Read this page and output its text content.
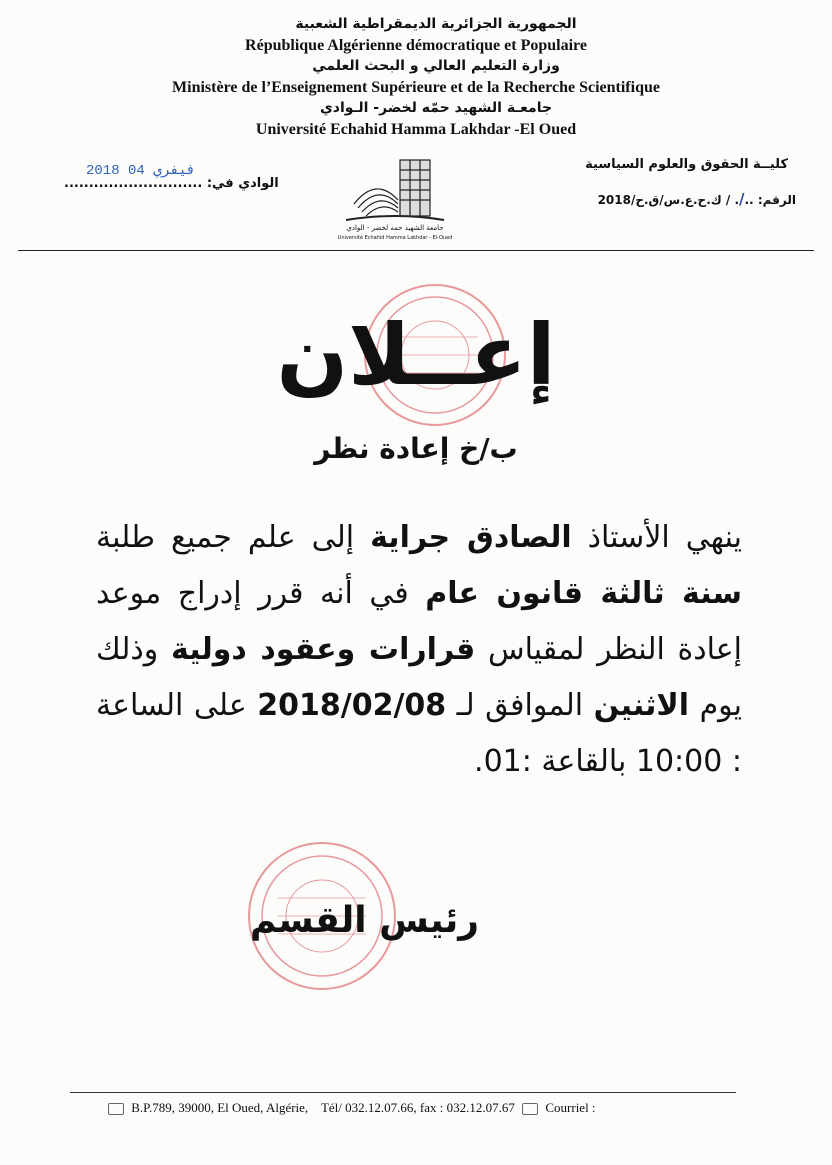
الجمهورية الجزائرية الديمقراطية الشعبية
République Algérienne démocratique et Populaire
وزارة التعليم العالي و البحث العلمي
Ministère de l’Enseignement Supérieure et de la Recherche Scientifique
جامعـة الشهيد حمّه لخضر- الـوادي
Université Echahid Hamma Lakhdar -El Oued
كليــة الحقوق والعلوم السياسية
الرقم: ../. / ك.ح.ع.س/ق.ح/2018
2018 فيفري 04
الوادي في: ............................
جامعة الشهيد حمه لخضر - الوادي
Université Echahid Hamma Lakhdar - El-Oued
إعــلان
ب/خ إعادة نظر
ينهي الأستاذ الصادق جراية إلى علم جميع طلبة سنة ثالثة قانون عام في أنه قرر إدراج موعد إعادة النظر لمقياس قرارات وعقود دولية وذلك يوم الاثنين الموافق لـ 2018/02/08 على الساعة : 10:00 بالقاعة :01.
رئيس القسم
B.P.789, 39000, El Oued, Algérie, Tél/ 032.12.07.66, fax : 032.12.07.67 Courriel :
